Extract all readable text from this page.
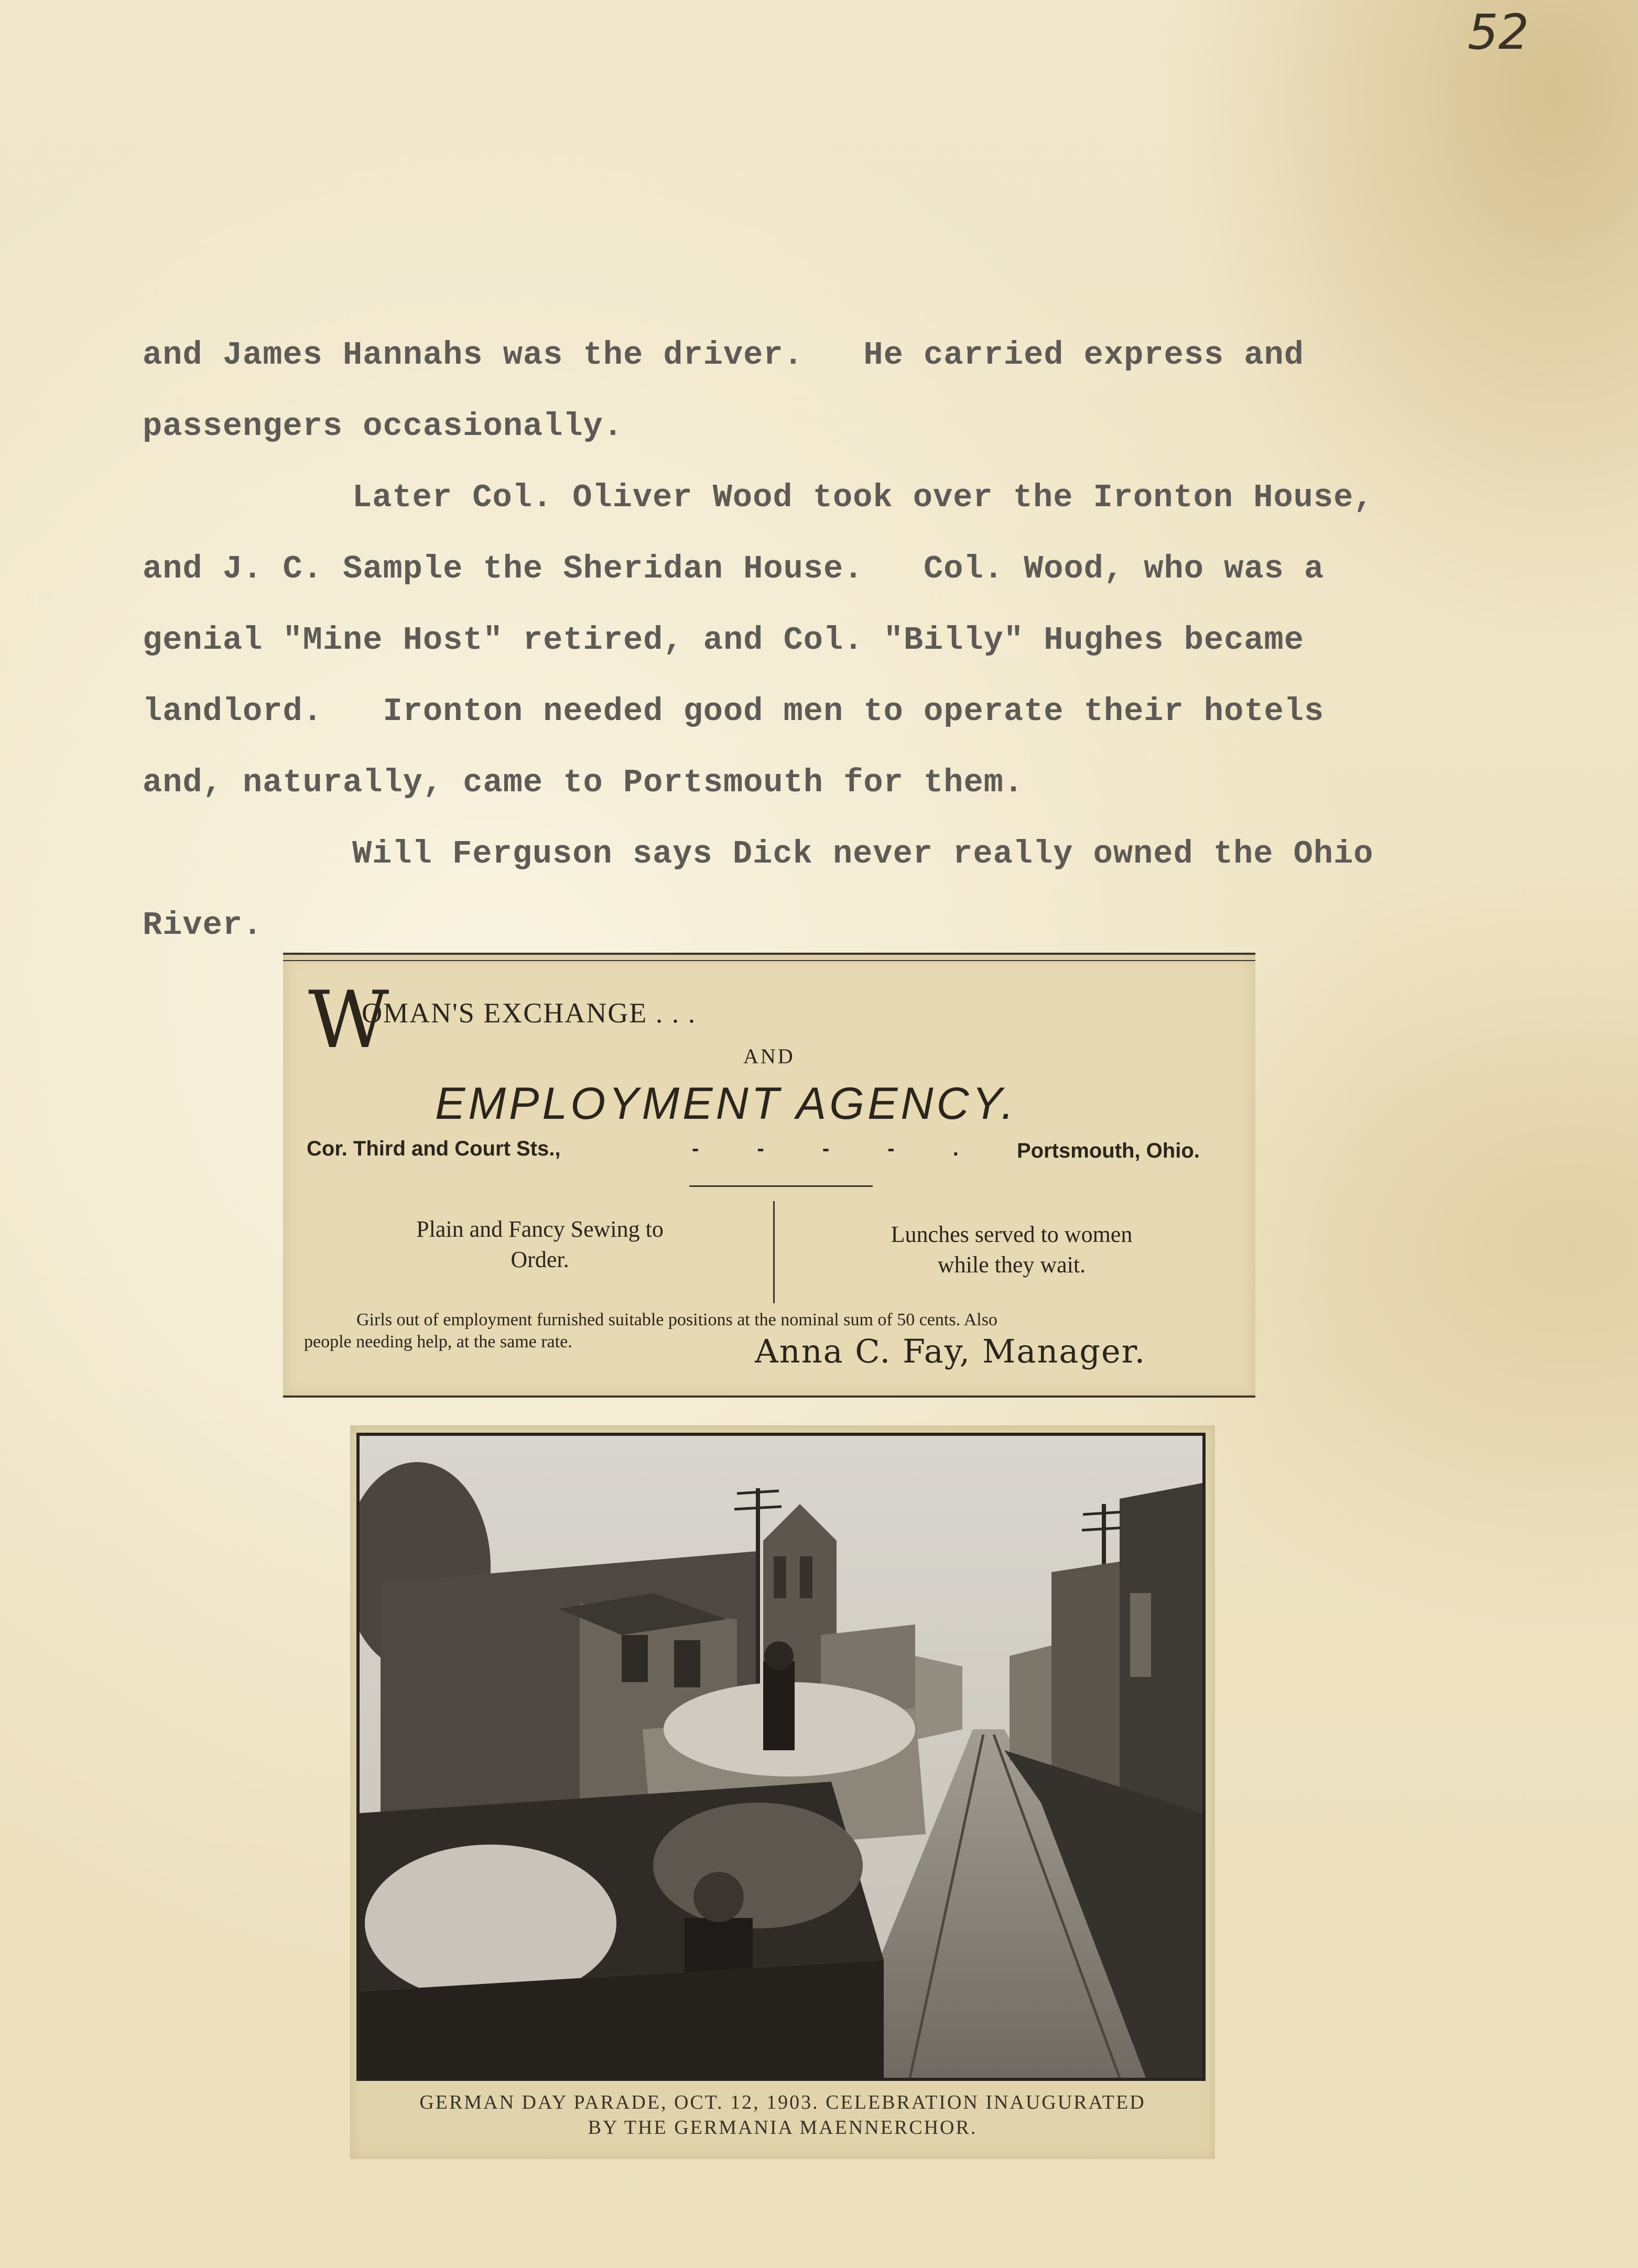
52

and James Hannahs was the driver.   He carried express and

passengers occasionally.

Later Col. Oliver Wood took over the Ironton House,

and J. C. Sample the Sheridan House.   Col. Wood, who was a

genial "Mine Host" retired, and Col. "Billy" Hughes became

landlord.   Ironton needed good men to operate their hotels

and, naturally, came to Portsmouth for them.

Will Ferguson says Dick never really owned the Ohio

River.

W
OMAN'S EXCHANGE . . .
AND
EMPLOYMENT AGENCY.
Cor. Third and Court Sts.,	- - - - . Portsmouth, Ohio.
Plain and Fancy Sewing to
Order.
Lunches served to women
while they wait.
Girls out of employment furnished suitable positions at the nominal sum of 50 cents. Also
people needing help, at the same rate.	Anna C. Fay, Manager.
GERMAN DAY PARADE, OCT. 12, 1903. CELEBRATION INAUGURATED
BY THE GERMANIA MAENNERCHOR.
